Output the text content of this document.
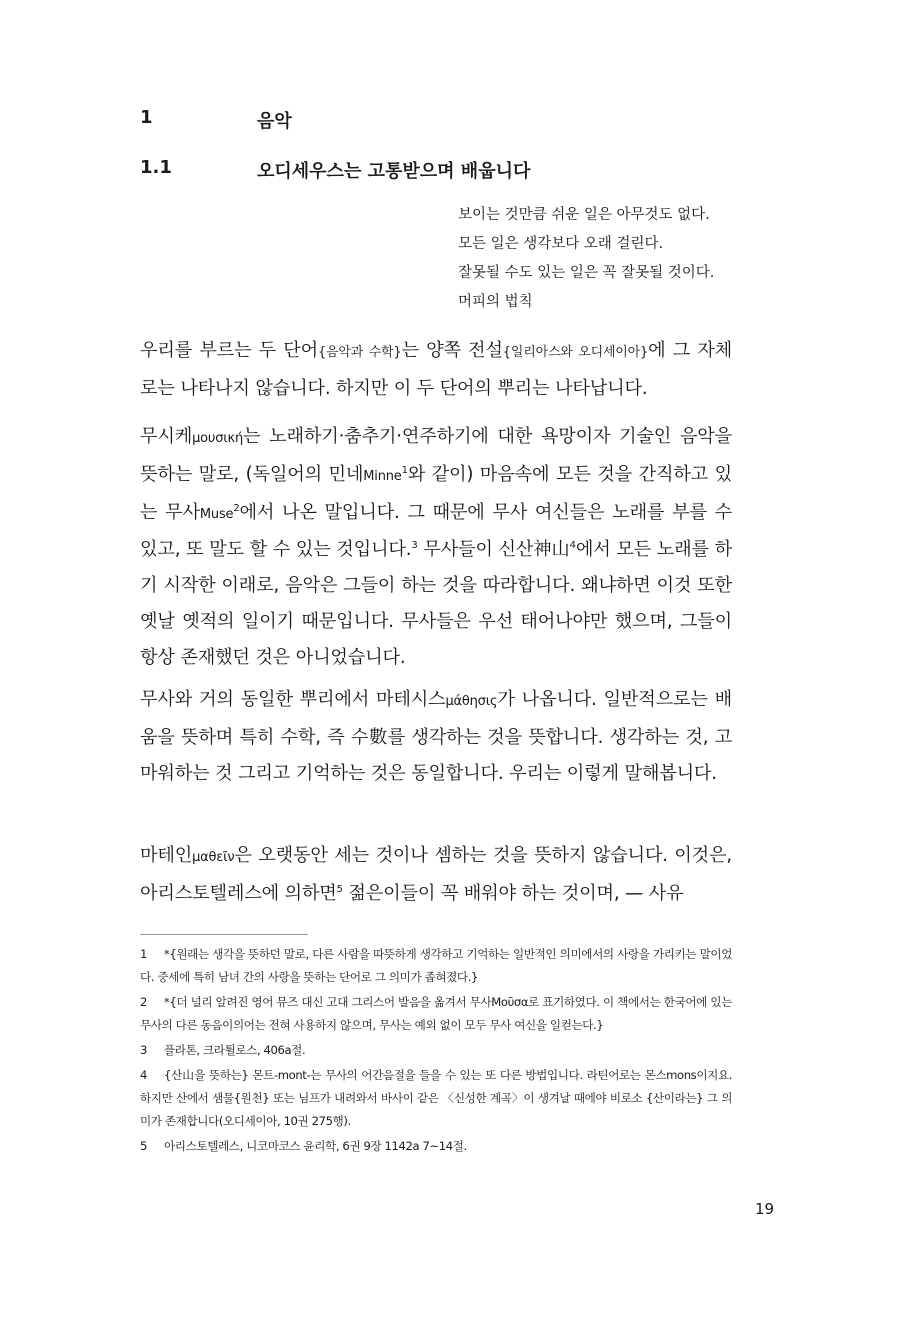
1	음악
1.1	오디세우스는 고통받으며 배웁니다
보이는 것만큼 쉬운 일은 아무것도 없다.
모든 일은 생각보다 오래 걸린다.
잘못될 수도 있는 일은 꼭 잘못될 것이다.
머피의 법칙

우리를 부르는 두 단어{음악과 수학}는 양쪽 전설{일리아스와 오디세이아}에 그 자체로는 나타나지 않습니다. 하지만 이 두 단어의 뿌리는 나타납니다.

무시케μουσική는 노래하기·춤추기·연주하기에 대한 욕망이자 기술인 음악을 뜻하는 말로, (독일어의 민네Minne$^1$와 같이) 마음속에 모든 것을 간직하고 있는 무사Muse$^2$에서 나온 말입니다. 그 때문에 무사 여신들은 노래를 부를 수 있고, 또 말도 할 수 있는 것입니다.$^3$ 무사들이 신산神山$^4$에서 모든 노래를 하기 시작한 이래로, 음악은 그들이 하는 것을 따라합니다. 왜냐하면 이것 또한 옛날 옛적의 일이기 때문입니다. 무사들은 우선 태어나야만 했으며, 그들이 항상 존재했던 것은 아니었습니다.

무사와 거의 동일한 뿌리에서 마테시스μάθησις가 나옵니다. 일반적으로는 배움을 뜻하며 특히 수학, 즉 수數를 생각하는 것을 뜻합니다. 생각하는 것, 고마워하는 것 그리고 기억하는 것은 동일합니다. 우리는 이렇게 말해봅니다.

마테인μαθεῖν은 오랫동안 세는 것이나 셈하는 것을 뜻하지 않습니다. 이것은, 아리스토텔레스에 의하면$^5$ 젊은이들이 꼭 배워야 하는 것이며, — 사유

1 *{원래는 생각을 뜻하던 말로, 다른 사람을 따뜻하게 생각하고 기억하는 일반적인 의미에서의 사랑을 가리키는 말이었다. 중세에 특히 남녀 간의 사랑을 뜻하는 단어로 그 의미가 좁혀졌다.}
2 *{더 널리 알려진 영어 뮤즈 대신 고대 그리스어 발음을 옮겨서 무사Μοῦσα로 표기하였다. 이 책에서는 한국어에 있는 무사의 다른 동음이의어는 전혀 사용하지 않으며, 무사는 예외 없이 모두 무사 여신을 일컫는다.}
3 플라톤, 크라튈로스, 406a절.
4 {산山을 뜻하는} 몬트-mont-는 무사의 어간음절을 들을 수 있는 또 다른 방법입니다. 라틴어로는 몬스mons이지요. 하지만 산에서 샘물{원천} 또는 님프가 내려와서 바사이 같은 〈신성한 계곡〉이 생겨날 때에야 비로소 {산이라는} 그 의미가 존재합니다(오디세이아, 10권 275행).
5 아리스토텔레스, 니코마코스 윤리학, 6권 9장 1142a 7~14절.
19
